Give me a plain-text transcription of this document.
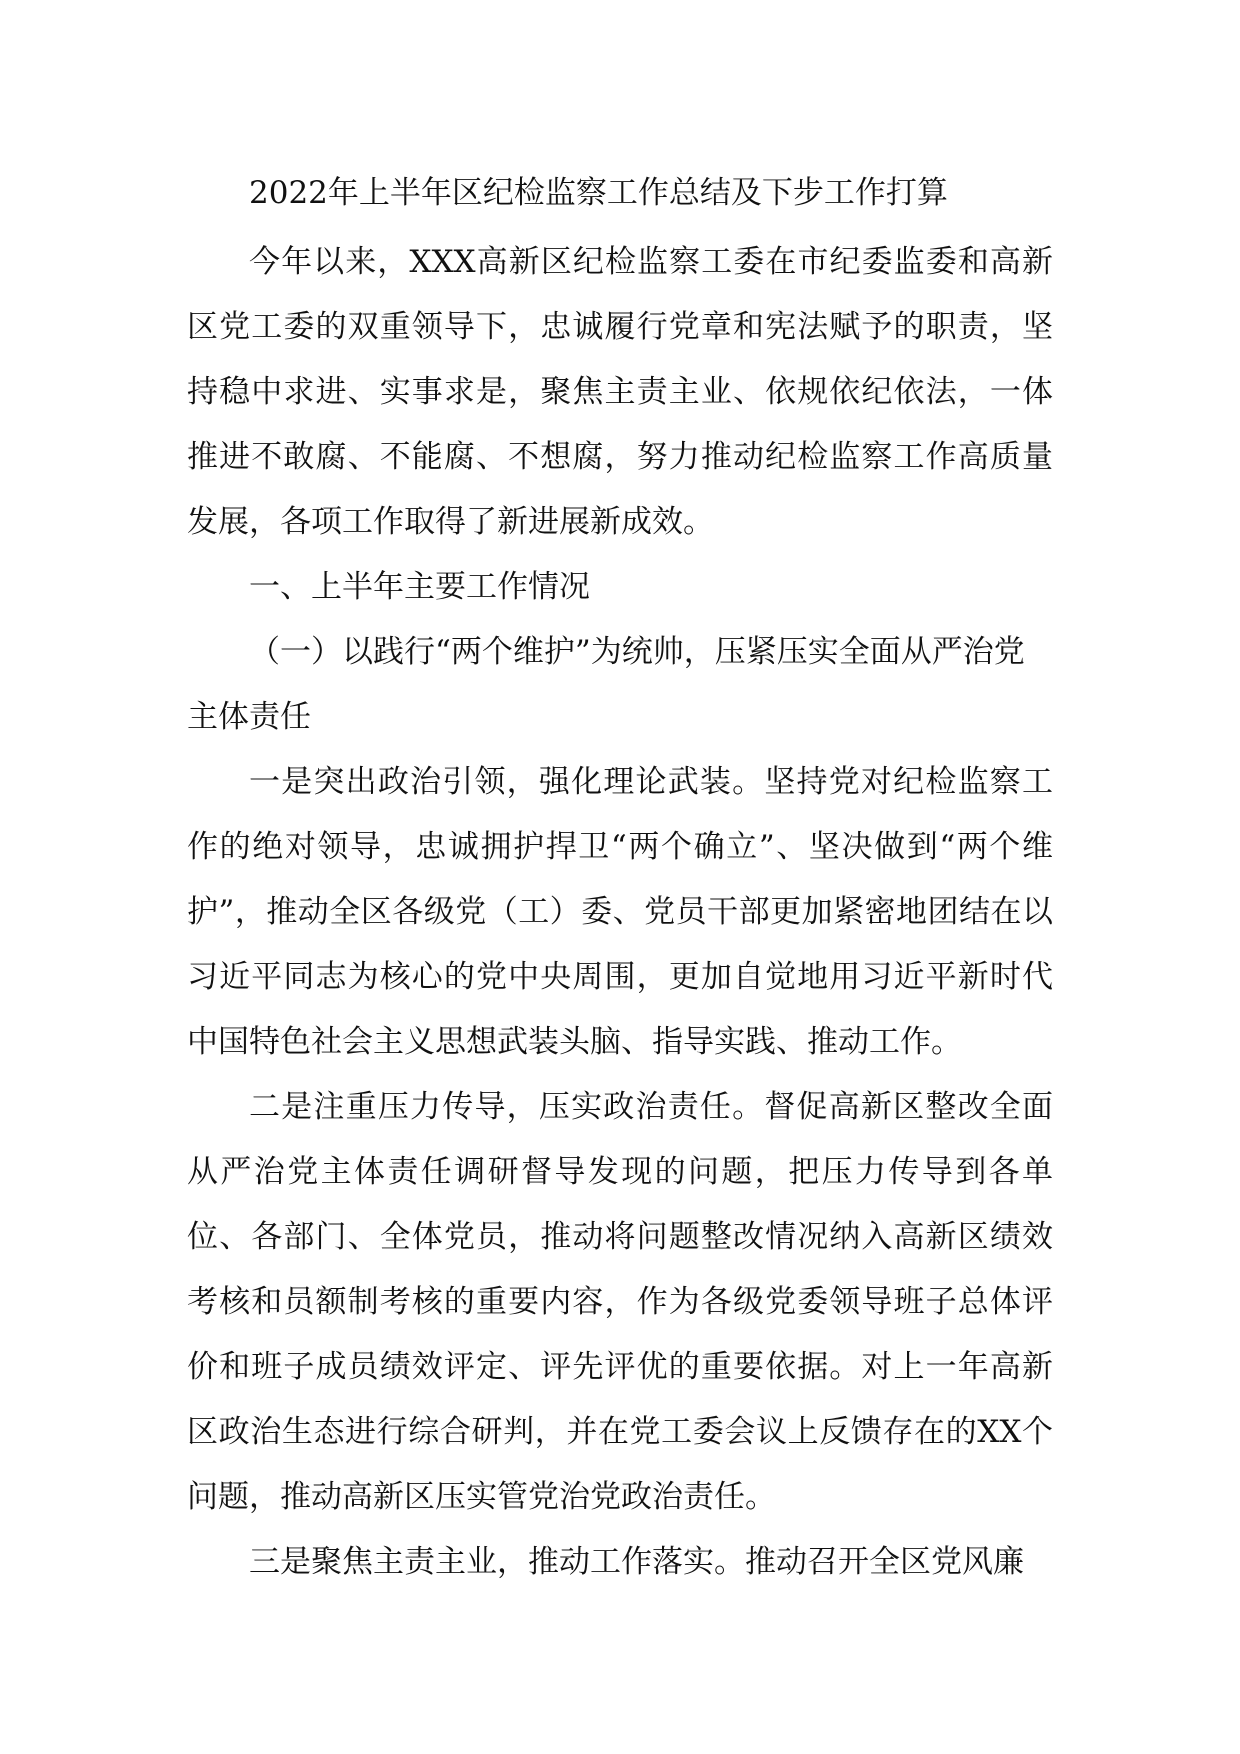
2022年上半年区纪检监察工作总结及下步工作打算

今年以来，XXX高新区纪检监察工委在市纪委监委和高新区党工委的双重领导下，忠诚履行党章和宪法赋予的职责，坚持稳中求进、实事求是，聚焦主责主业、依规依纪依法，一体推进不敢腐、不能腐、不想腐，努力推动纪检监察工作高质量发展，各项工作取得了新进展新成效。

一、上半年主要工作情况

（一）以践行“两个维护”为统帅，压紧压实全面从严治党主体责任

一是突出政治引领，强化理论武装。坚持党对纪检监察工作的绝对领导，忠诚拥护捍卫“两个确立”、坚决做到“两个维护”，推动全区各级党（工）委、党员干部更加紧密地团结在以习近平同志为核心的党中央周围，更加自觉地用习近平新时代中国特色社会主义思想武装头脑、指导实践、推动工作。

二是注重压力传导，压实政治责任。督促高新区整改全面从严治党主体责任调研督导发现的问题，把压力传导到各单位、各部门、全体党员，推动将问题整改情况纳入高新区绩效考核和员额制考核的重要内容，作为各级党委领导班子总体评价和班子成员绩效评定、评先评优的重要依据。对上一年高新区政治生态进行综合研判，并在党工委会议上反馈存在的XX个问题，推动高新区压实管党治党政治责任。

三是聚焦主责主业，推动工作落实。推动召开全区党风廉
